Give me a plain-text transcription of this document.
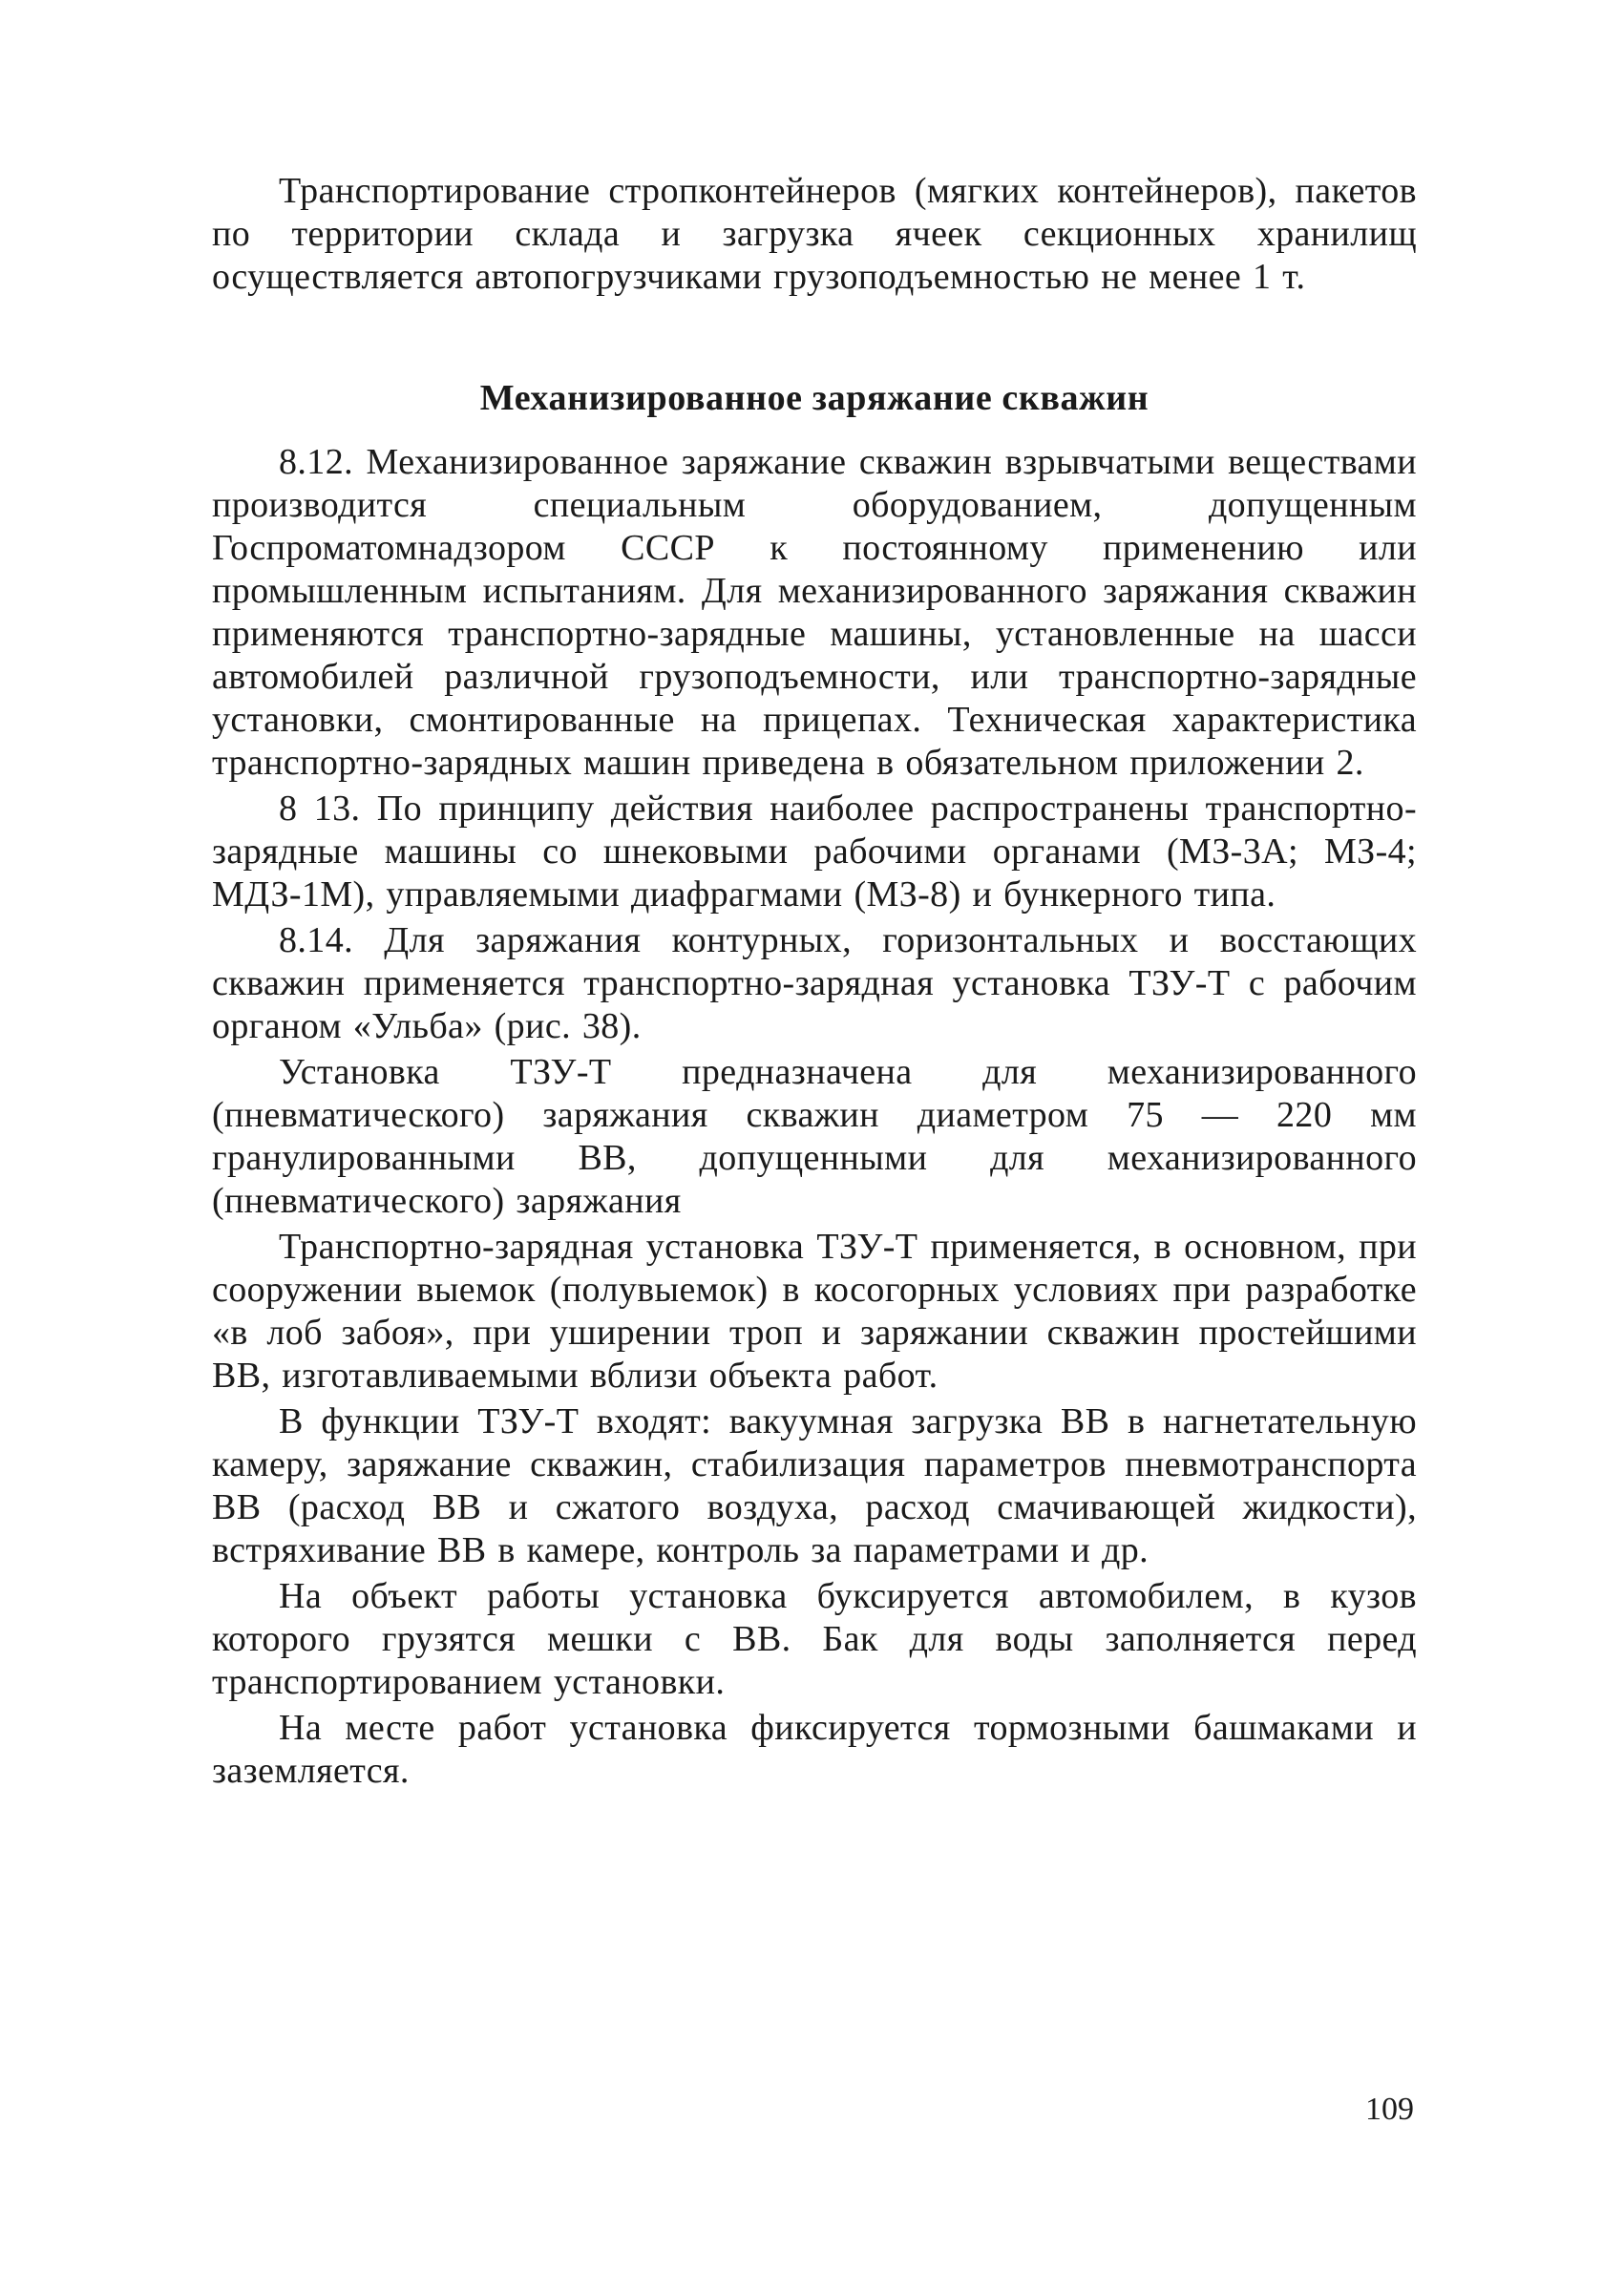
Транспортирование стропконтейнеров (мягких контейнеров), пакетов по территории склада и загрузка ячеек секционных хранилищ осуществляется автопогрузчиками грузоподъемностью не менее 1 т.

Механизированное заряжание скважин

8.12. Механизированное заряжание скважин взрывчатыми веществами производится специальным оборудованием, допущенным Госпроматомнадзором СССР к постоянному применению или промышленным испытаниям. Для механизированного заряжания скважин применяются транспортно-зарядные машины, установленные на шасси автомобилей различной грузоподъемности, или транспортно-зарядные установки, смонтированные на прицепах. Техническая характеристика транспортно-зарядных машин приведена в обязательном приложении 2.

8 13. По принципу действия наиболее распространены транспортно-зарядные машины со шнековыми рабочими органами (МЗ-3А; МЗ-4; МДЗ-1М), управляемыми диафрагмами (МЗ-8) и бункерного типа.

8.14. Для заряжания контурных, горизонтальных и восстающих скважин применяется транспортно-зарядная установка ТЗУ-Т с рабочим органом «Ульба» (рис. 38).

Установка ТЗУ-Т предназначена для механизированного (пневматического) заряжания скважин диаметром 75 — 220 мм гранулированными ВВ, допущенными для механизированного (пневматического) заряжания

Транспортно-зарядная установка ТЗУ-Т применяется, в основном, при сооружении выемок (полувыемок) в косогорных условиях при разработке «в лоб забоя», при уширении троп и заряжании скважин простейшими ВВ, изготавливаемыми вблизи объекта работ.

В функции ТЗУ-Т входят: вакуумная загрузка ВВ в нагнетательную камеру, заряжание скважин, стабилизация параметров пневмотранспорта ВВ (расход ВВ и сжатого воздуха, расход смачивающей жидкости), встряхивание ВВ в камере, контроль за параметрами и др.

На объект работы установка буксируется автомобилем, в кузов которого грузятся мешки с ВВ. Бак для воды заполняется перед транспортированием установки.

На месте работ установка фиксируется тормозными башмаками и заземляется.

109
